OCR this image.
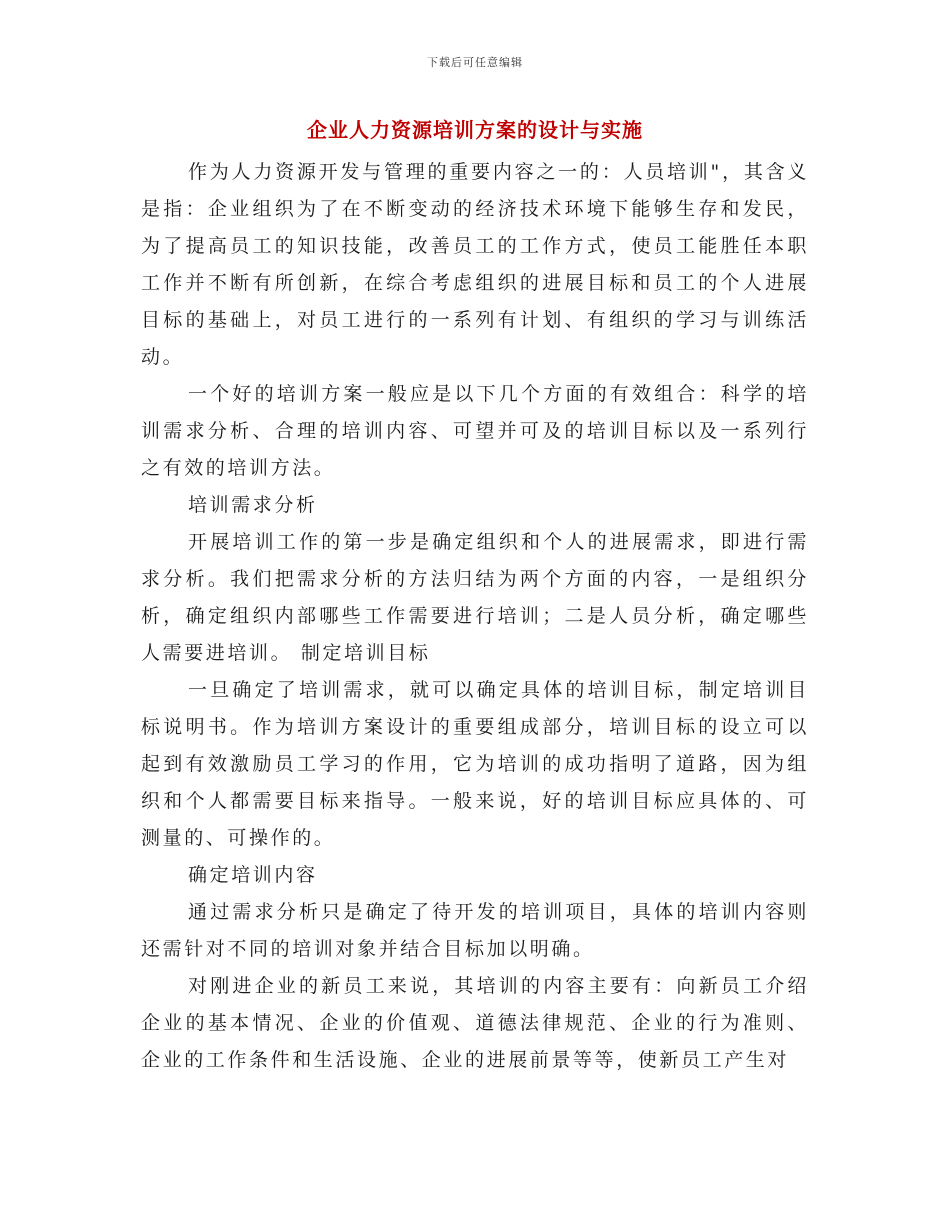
下载后可任意编辑
企业人力资源培训方案的设计与实施

作为人力资源开发与管理的重要内容之一的：人员培训"，其含义是指：企业组织为了在不断变动的经济技术环境下能够生存和发民，为了提高员工的知识技能，改善员工的工作方式，使员工能胜任本职工作并不断有所创新，在综合考虑组织的进展目标和员工的个人进展目标的基础上，对员工进行的一系列有计划、有组织的学习与训练活动。

一个好的培训方案一般应是以下几个方面的有效组合：科学的培训需求分析、合理的培训内容、可望并可及的培训目标以及一系列行之有效的培训方法。

培训需求分析

开展培训工作的第一步是确定组织和个人的进展需求，即进行需求分析。我们把需求分析的方法归结为两个方面的内容，一是组织分析，确定组织内部哪些工作需要进行培训；二是人员分析，确定哪些人需要进培训。 制定培训目标

一旦确定了培训需求，就可以确定具体的培训目标，制定培训目标说明书。作为培训方案设计的重要组成部分，培训目标的设立可以起到有效激励员工学习的作用，它为培训的成功指明了道路，因为组织和个人都需要目标来指导。一般来说，好的培训目标应具体的、可测量的、可操作的。

确定培训内容

通过需求分析只是确定了待开发的培训项目，具体的培训内容则还需针对不同的培训对象并结合目标加以明确。

对刚进企业的新员工来说，其培训的内容主要有：向新员工介绍企业的基本情况、企业的价值观、道德法律规范、企业的行为准则、企业的工作条件和生活设施、企业的进展前景等等，使新员工产生对
